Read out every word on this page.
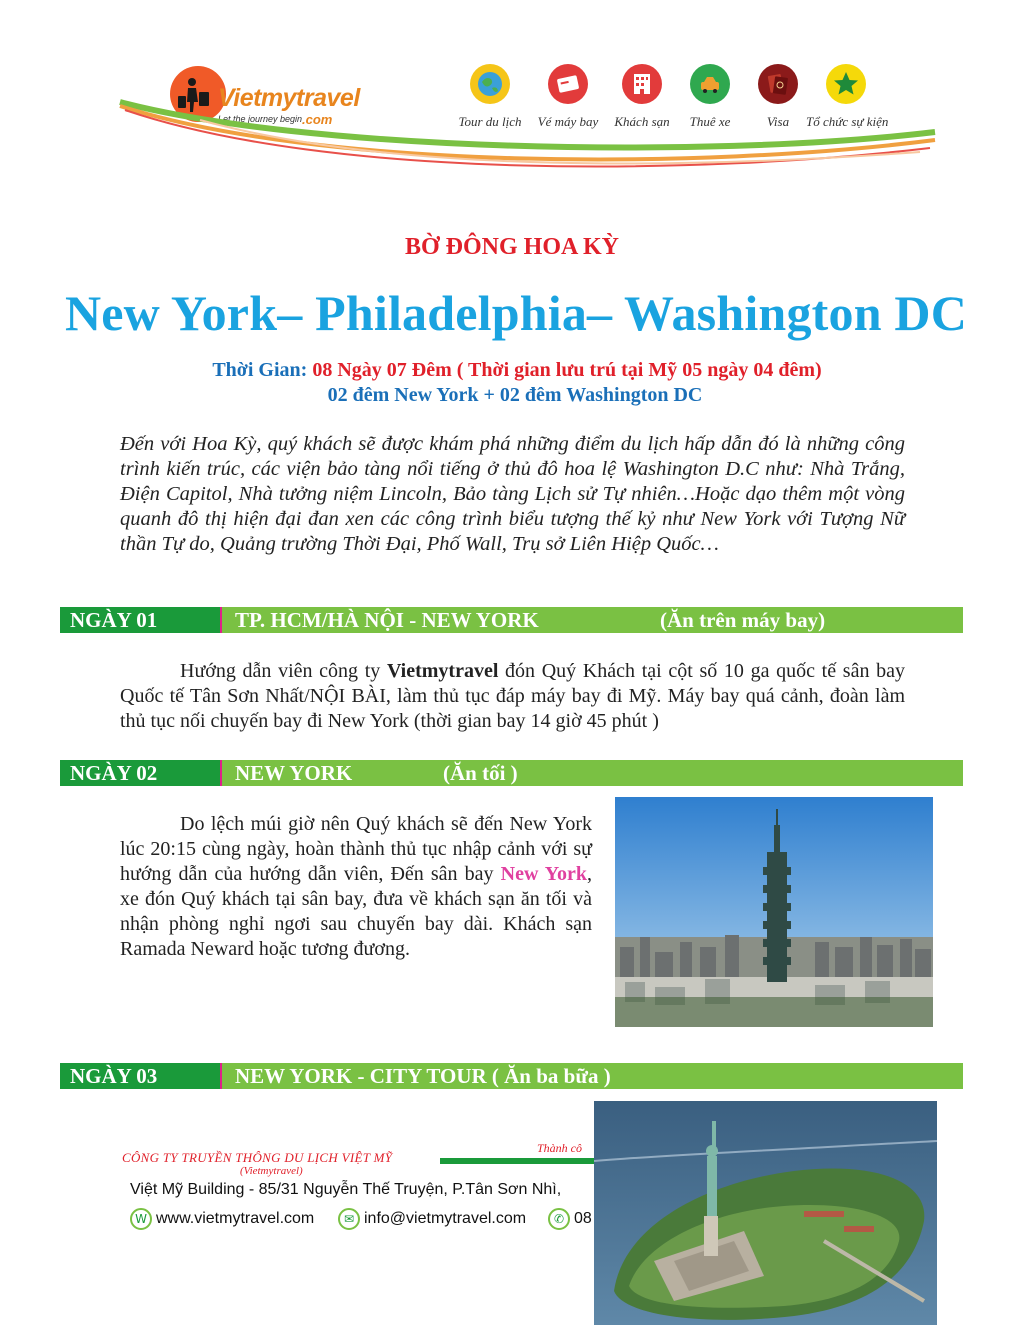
Vietmytravel
Let the journey begin .com	Tour du lịch	Vé máy bay	Khách sạn	Thuê xe	Visa	Tổ chức sự kiện
BỜ ĐÔNG HOA KỲ
New York– Philadelphia– Washington DC
Thời Gian: 08 Ngày 07 Đêm ( Thời gian lưu trú tại Mỹ 05 ngày 04 đêm)
02 đêm New York + 02 đêm Washington DC
Đến với Hoa Kỳ, quý khách sẽ được khám phá những điểm du lịch hấp dẫn đó là những công trình kiến trúc, các viện bảo tàng nổi tiếng ở thủ đô hoa lệ Washington D.C như: Nhà Trắng, Điện Capitol, Nhà tưởng niệm Lincoln, Bảo tàng Lịch sử Tự nhiên…Hoặc dạo thêm một vòng quanh đô thị hiện đại đan xen các công trình biểu tượng thế kỷ như New York với Tượng Nữ thần Tự do, Quảng trường Thời Đại, Phố Wall, Trụ sở Liên Hiệp Quốc…
NGÀY 01	TP. HCM/HÀ NỘI - NEW YORK	(Ăn trên máy bay)
Hướng dẫn viên công ty Vietmytravel đón Quý Khách tại cột số 10 ga quốc tế sân bay Quốc tế Tân Sơn Nhất/NỘI BÀI, làm thủ tục đáp máy bay đi Mỹ. Máy bay quá cảnh, đoàn làm thủ tục nối chuyến bay đi New York (thời gian bay 14 giờ 45 phút )
NGÀY 02	NEW YORK	(Ăn tối )
Do lệch múi giờ nên Quý khách sẽ đến New York lúc 20:15 cùng ngày, hoàn thành thủ tục nhập cảnh với sự hướng dẫn của hướng dẫn viên, Đến sân bay New York, xe đón Quý khách tại sân bay, đưa về khách sạn ăn tối và nhận phòng nghỉ ngơi sau chuyến bay dài. Khách sạn Ramada Neward hoặc tương đương.
NGÀY 03	NEW YORK - CITY TOUR ( Ăn ba bữa )
CÔNG TY TRUYỀN THÔNG DU LỊCH VIỆT MỸ
(Vietmytravel)
Thành cô
Việt Mỹ Building - 85/31 Nguyễn Thế Truyện, P.Tân Sơn Nhì,
W www.vietmytravel.com	✉ info@vietmytravel.com	✆ 08
